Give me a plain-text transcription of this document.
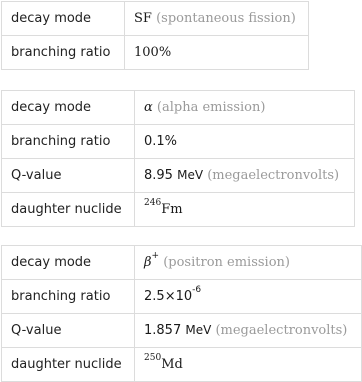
decay mode	SF (spontaneous fission)
branching ratio	100%
decay mode	α (alpha emission)
branching ratio	0.1%
Q-value	8.95 MeV (megaelectronvolts)
daughter nuclide	$^{246}$Fm
decay mode	β+ (positron emission)
branching ratio	$2.5\times 10^{-6}$
Q-value	1.857 MeV (megaelectronvolts)
daughter nuclide	$^{250}$Md
